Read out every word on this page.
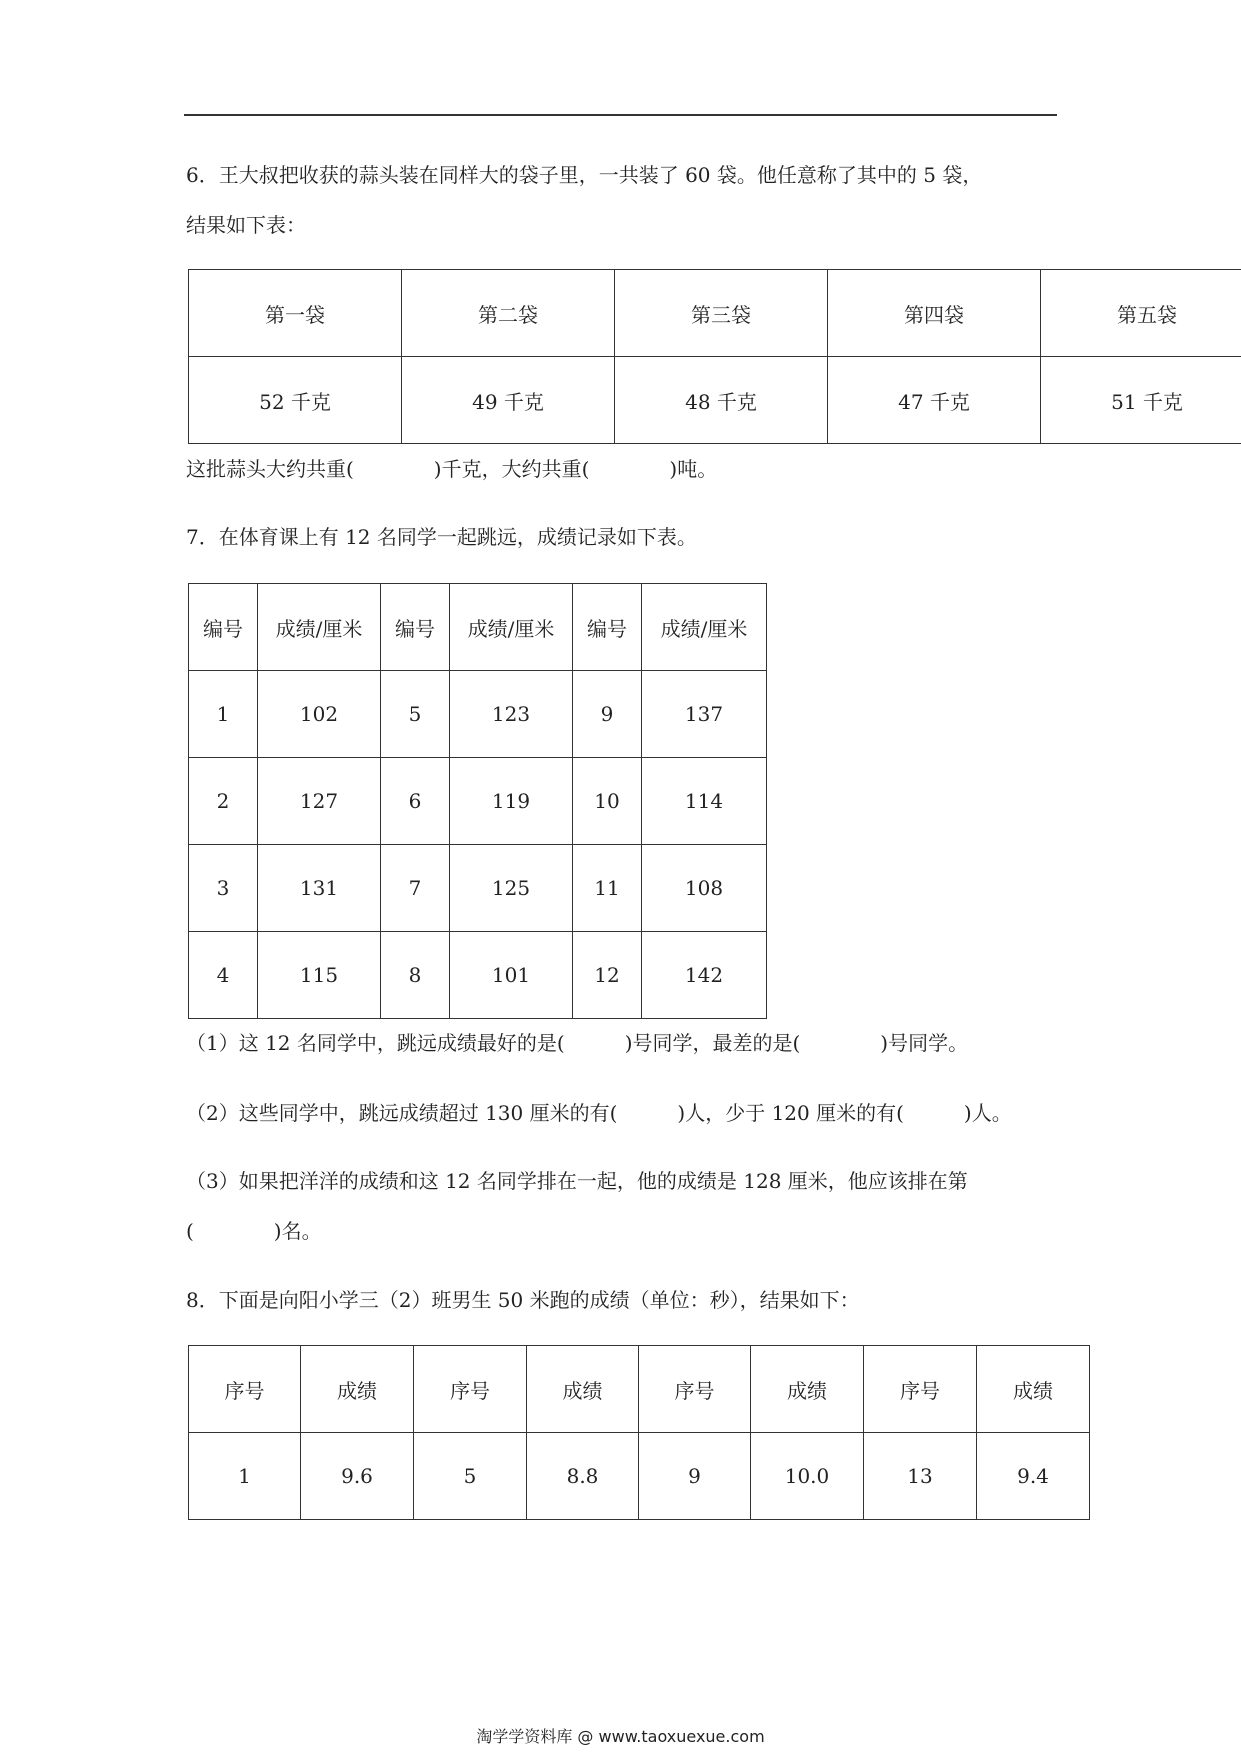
6．王大叔把收获的蒜头装在同样大的袋子里，一共装了 60 袋。他任意称了其中的 5 袋，
结果如下表：
第一袋	第二袋	第三袋	第四袋	第五袋
52 千克	49 千克	48 千克	47 千克	51 千克
这批蒜头大约共重(　　　　)千克，大约共重(　　　　)吨。
7．在体育课上有 12 名同学一起跳远，成绩记录如下表。
编号	成绩/厘米	编号	成绩/厘米	编号	成绩/厘米
1	102	5	123	9	137
2	127	6	119	10	114
3	131	7	125	11	108
4	115	8	101	12	142
（1）这 12 名同学中，跳远成绩最好的是(　　　)号同学，最差的是(　　　　)号同学。
（2）这些同学中，跳远成绩超过 130 厘米的有(　　　)人，少于 120 厘米的有(　　　)人。
（3）如果把洋洋的成绩和这 12 名同学排在一起，他的成绩是 128 厘米，他应该排在第
(　　　　)名。
8．下面是向阳小学三（2）班男生 50 米跑的成绩（单位：秒），结果如下：
序号	成绩	序号	成绩	序号	成绩	序号	成绩
1	9.6	5	8.8	9	10.0	13	9.4
淘学学资料库 @ www.taoxuexue.com
